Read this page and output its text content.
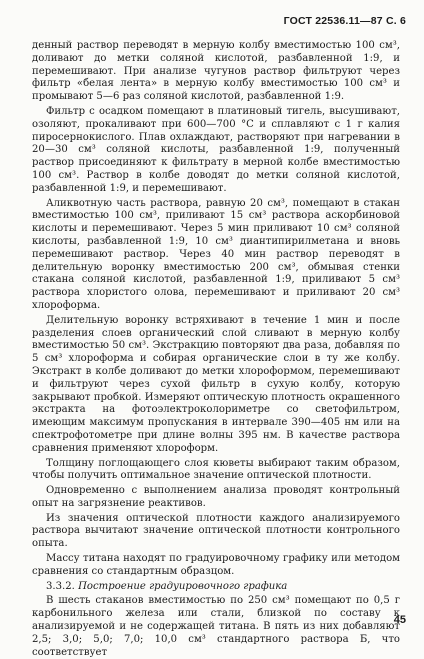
ГОСТ 22536.11—87 С. 6

денный раствор переводят в мерную колбу вместимостью 100 см³, доливают до метки соляной кислотой, разбавленной 1:9, и перемешивают. При анализе чугунов раствор фильтруют через фильтр «белая лента» в мерную колбу вместимостью 100 см³ и промывают 5—6 раз соляной кислотой, разбавленной 1:9.

Фильтр с осадком помещают в платиновый тигель, высушивают, озоляют, прокаливают при 600—700 °С и сплавляют с 1 г калия пиросернокислого. Плав охлаждают, растворяют при нагревании в 20—30 см³ соляной кислоты, разбавленной 1:9, полученный раствор присоединяют к фильтрату в мерной колбе вместимостью 100 см³. Раствор в колбе доводят до метки соляной кислотой, разбавленной 1:9, и перемешивают.

Аликвотную часть раствора, равную 20 см³, помещают в стакан вместимостью 100 см³, приливают 15 см³ раствора аскорбиновой кислоты и перемешивают. Через 5 мин приливают 10 см³ соляной кислоты, разбавленной 1:9, 10 см³ диантипирилметана и вновь перемешивают раствор. Через 40 мин раствор переводят в делительную воронку вместимостью 200 см³, обмывая стенки стакана соляной кислотой, разбавленной 1:9, приливают 5 см³ раствора хлористого олова, перемешивают и приливают 20 см³ хлороформа.

Делительную воронку встряхивают в течение 1 мин и после разделения слоев органический слой сливают в мерную колбу вместимостью 50 см³. Экстракцию повторяют два раза, добавляя по 5 см³ хлороформа и собирая органические слои в ту же колбу. Экстракт в колбе доливают до метки хлороформом, перемешивают и фильтруют через сухой фильтр в сухую колбу, которую закрывают пробкой. Измеряют оптическую плотность окрашенного экстракта на фотоэлектроколориметре со светофильтром, имеющим максимум пропускания в интервале 390—405 нм или на спектрофотометре при длине волны 395 нм. В качестве раствора сравнения применяют хлороформ.

Толщину поглощающего слоя кюветы выбирают таким образом, чтобы получить оптимальное значение оптической плотности.

Одновременно с выполнением анализа проводят контрольный опыт на загрязнение реактивов.

Из значения оптической плотности каждого анализируемого раствора вычитают значение оптической плотности контрольного опыта.

Массу титана находят по градуировочному графику или методом сравнения со стандартным образцом.

3.3.2. Построение градуировочного графика

В шесть стаканов вместимостью по 250 см³ помещают по 0,5 г карбонильного железа или стали, близкой по составу к анализируемой и не содержащей титана. В пять из них добавляют 2,5; 3,0; 5,0; 7,0; 10,0 см³ стандартного раствора Б, что соответствует

45
